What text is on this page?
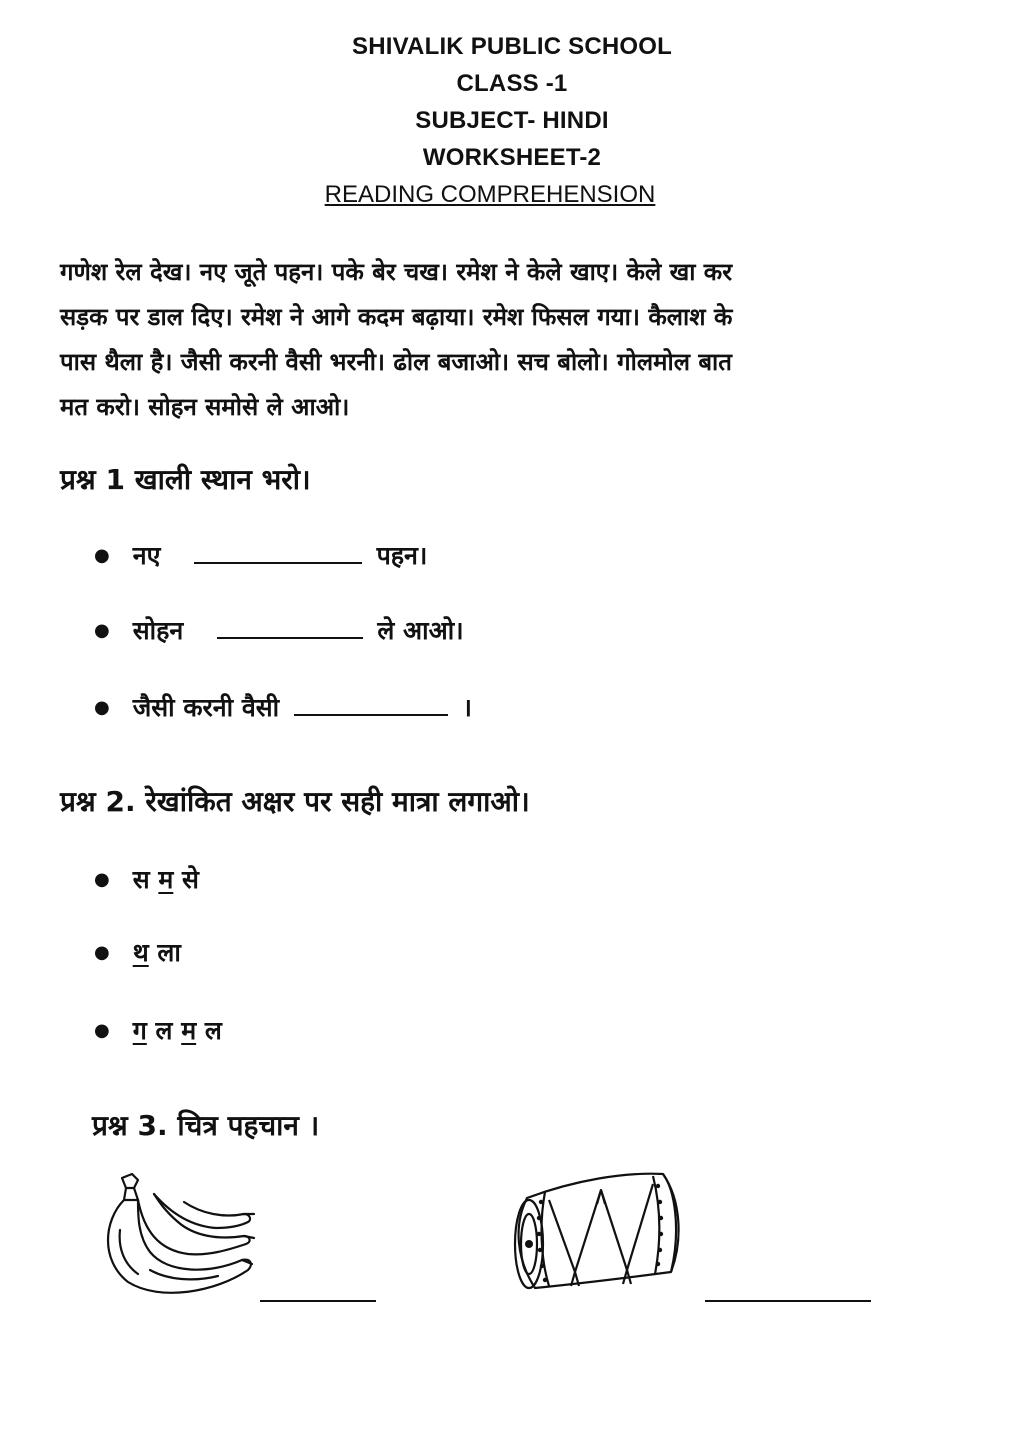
SHIVALIK PUBLIC SCHOOL
CLASS -1
SUBJECT- HINDI
WORKSHEET-2
READING COMPREHENSION
गणेश रेल देख। नए जूते पहन। पके बेर चख। रमेश ने केले खाए। केले खा कर
सड़क पर डाल दिए। रमेश ने आगे कदम बढ़ाया। रमेश फिसल गया। कैलाश के
पास थैला है। जैसी करनी वैसी भरनी। ढोल बजाओ। सच बोलो। गोलमोल बात
मत करो। सोहन समोसे ले आओ।
प्रश्न 1 खाली स्थान भरो।
● नए	पहन।
● सोहन	ले आओ।
● जैसी करनी वैसी	।
प्रश्न 2. रेखांकित अक्षर पर सही मात्रा लगाओ।
● स म से
● थ ला
● ग ल म ल
प्रश्न 3. चित्र पहचान ।
